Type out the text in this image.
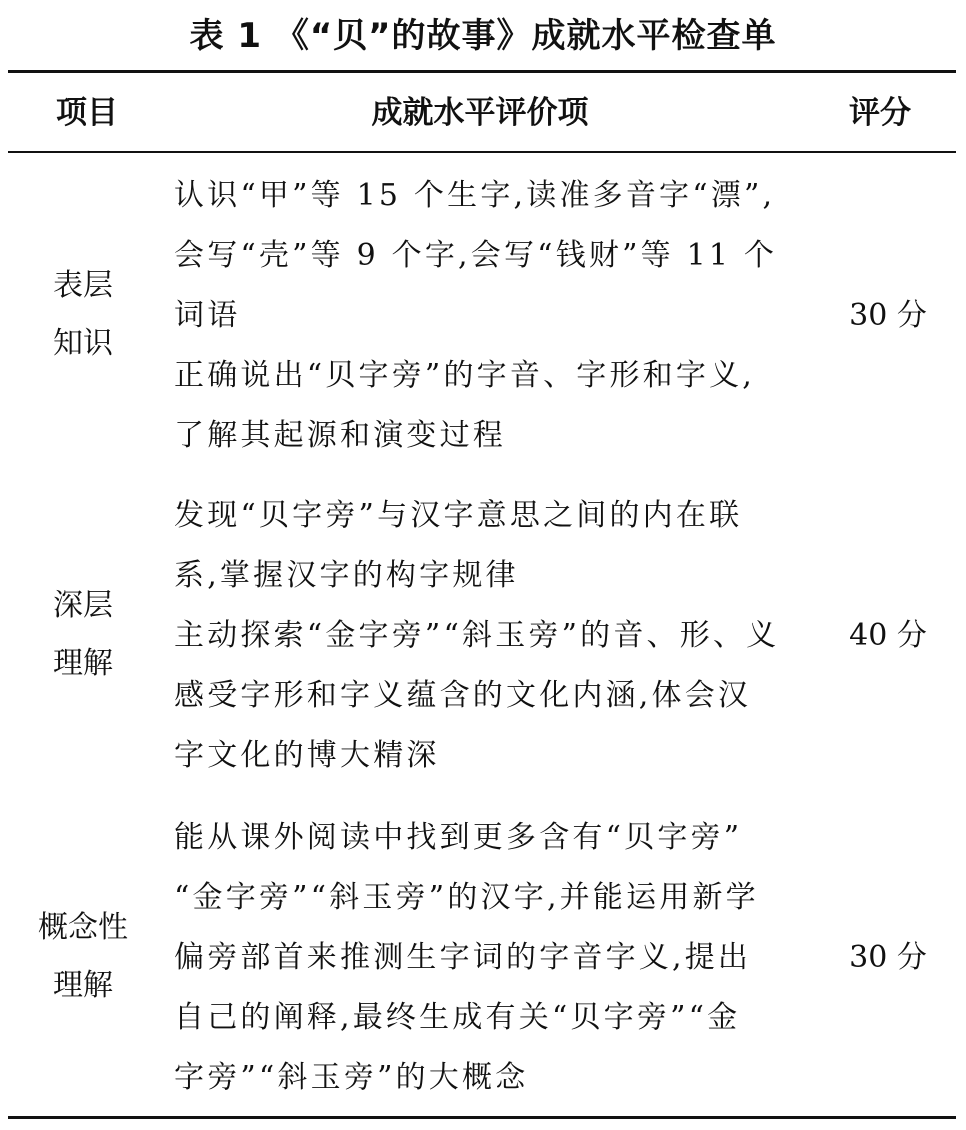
表 1 《“贝”的故事》成就水平检查单
项目	成就水平评价项	评分
表层
知识
认识“甲”等 15 个生字,读准多音字“漂”,
会写“壳”等 9 个字,会写“钱财”等 11 个
词语
正确说出“贝字旁”的字音、字形和字义,
了解其起源和演变过程
30 分
深层
理解
发现“贝字旁”与汉字意思之间的内在联
系,掌握汉字的构字规律
主动探索“金字旁”“斜玉旁”的音、形、义
感受字形和字义蕴含的文化内涵,体会汉
字文化的博大精深
40 分
概念性
理解
能从课外阅读中找到更多含有“贝字旁”
“金字旁”“斜玉旁”的汉字,并能运用新学
偏旁部首来推测生字词的字音字义,提出
自己的阐释,最终生成有关“贝字旁”“金
字旁”“斜玉旁”的大概念
30 分
